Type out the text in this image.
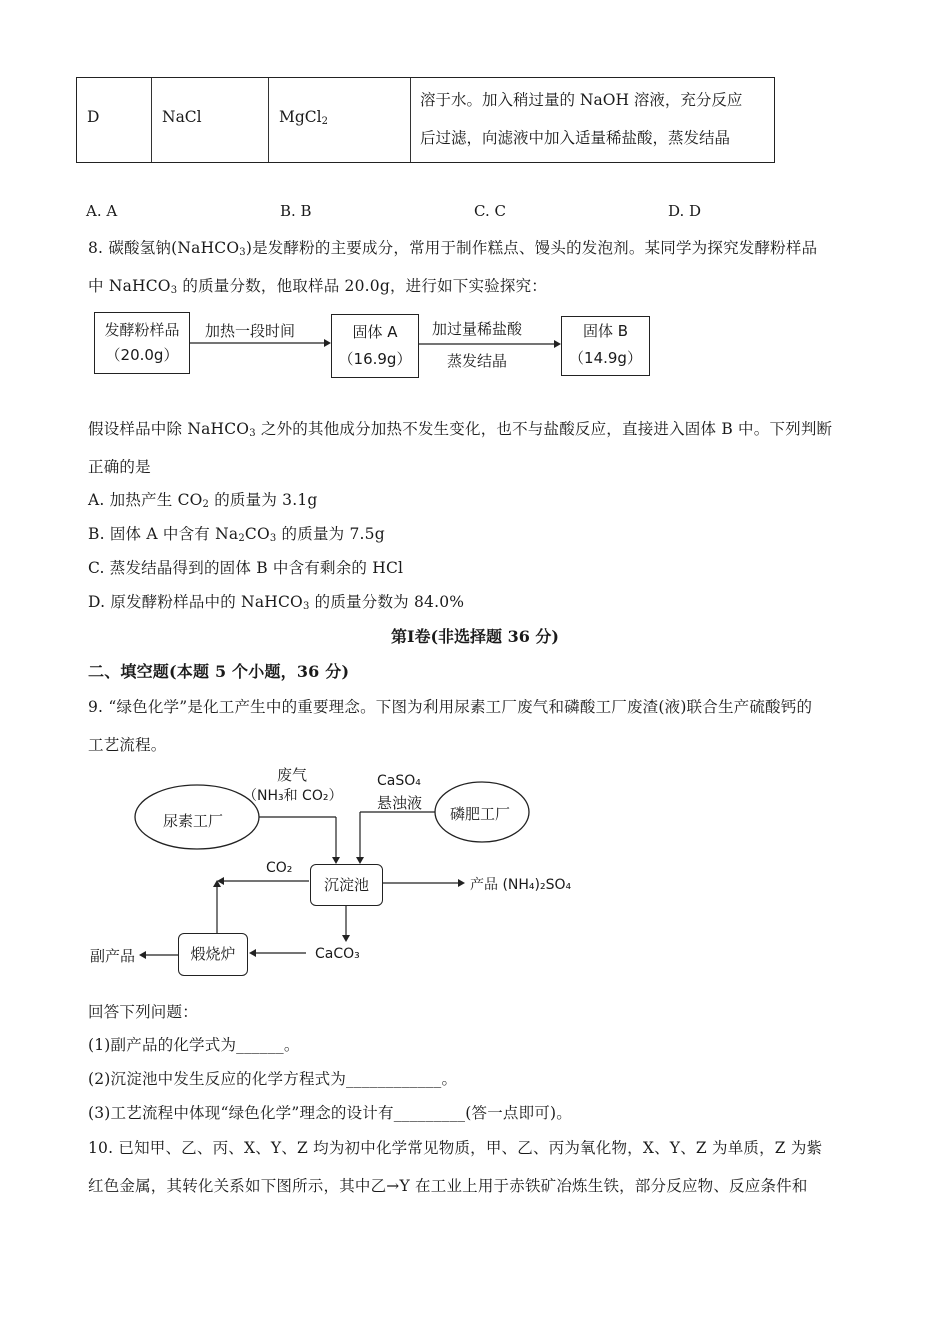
D	NaCl	MgCl$_2$
溶于水。加入稍过量的 NaOH 溶液，充分反应
后过滤，向滤液中加入适量稀盐酸，蒸发结晶
A. A	B. B	C. C	D. D
8. 碳酸氢钠(NaHCO$_3$)是发酵粉的主要成分，常用于制作糕点、馒头的发泡剂。某同学为探究发酵粉样品
中 NaHCO$_3$ 的质量分数，他取样品 20.0g，进行如下实验探究：
发酵粉样品
（20.0g）
加热一段时间	固体 A
（16.9g）
加过量稀盐酸
蒸发结晶
固体 B
（14.9g）
假设样品中除 NaHCO$_3$ 之外的其他成分加热不发生变化，也不与盐酸反应，直接进入固体 B 中。下列判断
正确的是
A. 加热产生 $CO_2$ 的质量为 3.1g
B. 固体 A 中含有 $Na_2CO_3$ 的质量为 7.5g
C. 蒸发结晶得到的固体 B 中含有剩余的 HCl
D. 原发酵粉样品中的 NaHCO$_3$ 的质量分数为 84.0%
第Ⅰ卷(非选择题 36 分)
二、填空题(本题 5 个小题，36 分)
9. “绿色化学”是化工产生中的重要理念。下图为利用尿素工厂废气和磷酸工厂废渣(液)联合生产硫酸钙的
工艺流程。
尿素工厂	磷肥工厂
废气
（NH₃和 CO₂）
CaSO₄
悬浊液
沉淀池
CO₂
产品 (NH₄)₂SO₄
煅烧炉	CaCO₃
副产品
回答下列问题：
(1)副产品的化学式为______。
(2)沉淀池中发生反应的化学方程式为____________。
(3)工艺流程中体现“绿色化学”理念的设计有_________(答一点即可)。
10. 已知甲、乙、丙、X、Y、Z 均为初中化学常见物质，甲、乙、丙为氧化物，X、Y、Z 为单质，Z 为紫
红色金属，其转化关系如下图所示，其中乙→Y 在工业上用于赤铁矿冶炼生铁，部分反应物、反应条件和
